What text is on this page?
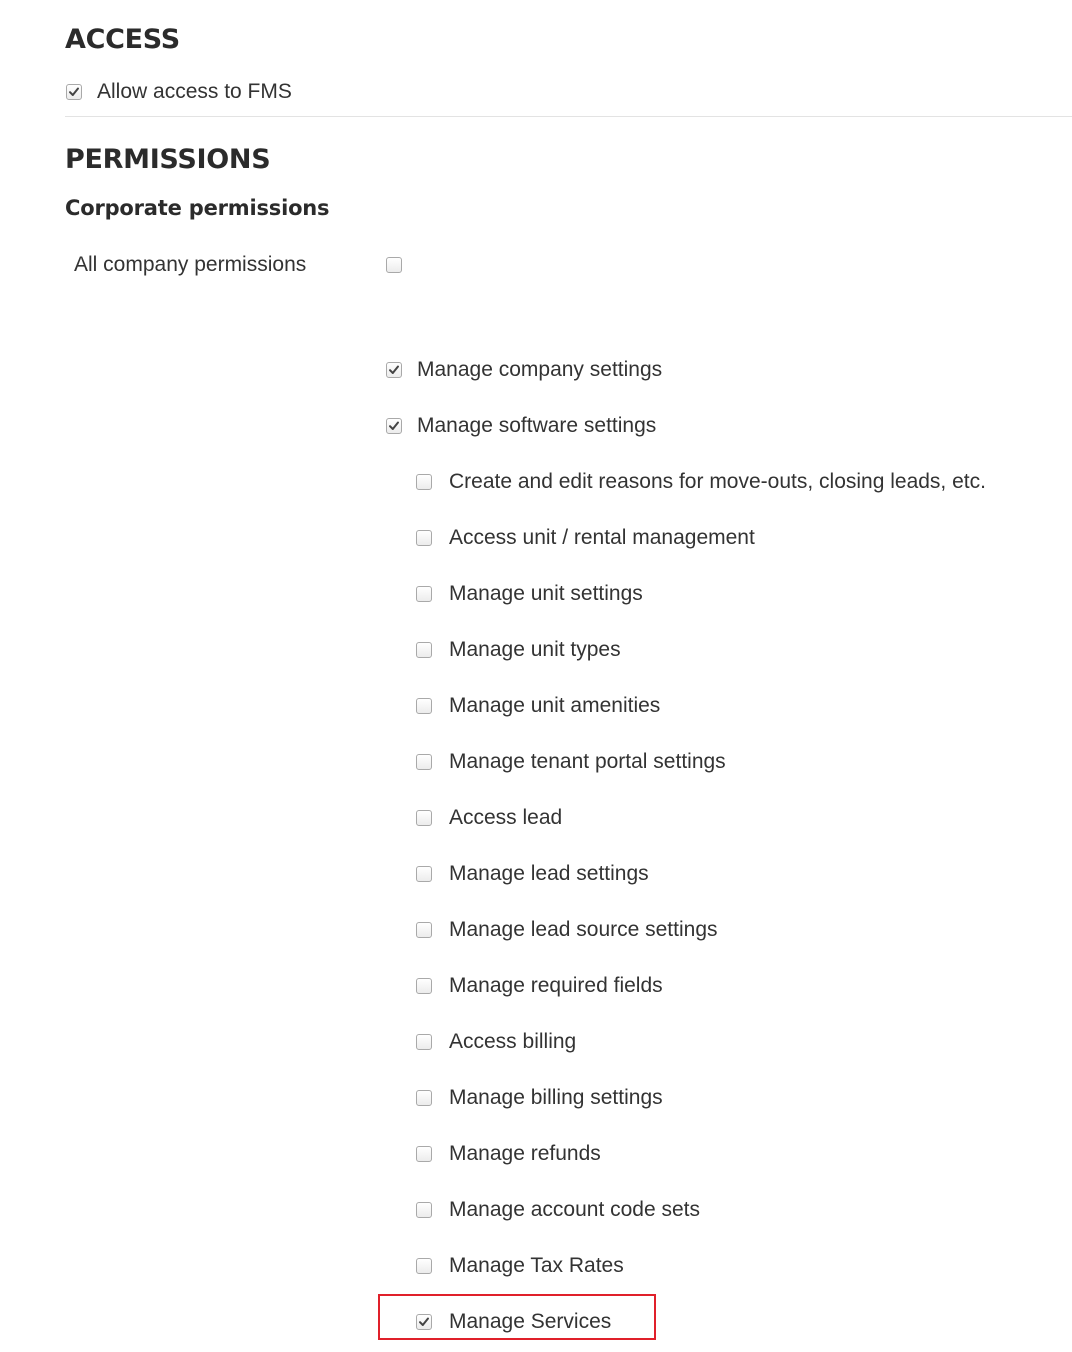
ACCESS
Allow access to FMS
PERMISSIONS
Corporate permissions
All company permissions
Manage company settings
Manage software settings
Create and edit reasons for move-outs, closing leads, etc.
Access unit / rental management
Manage unit settings
Manage unit types
Manage unit amenities
Manage tenant portal settings
Access lead
Manage lead settings
Manage lead source settings
Manage required fields
Access billing
Manage billing settings
Manage refunds
Manage account code sets
Manage Tax Rates
Manage Services
